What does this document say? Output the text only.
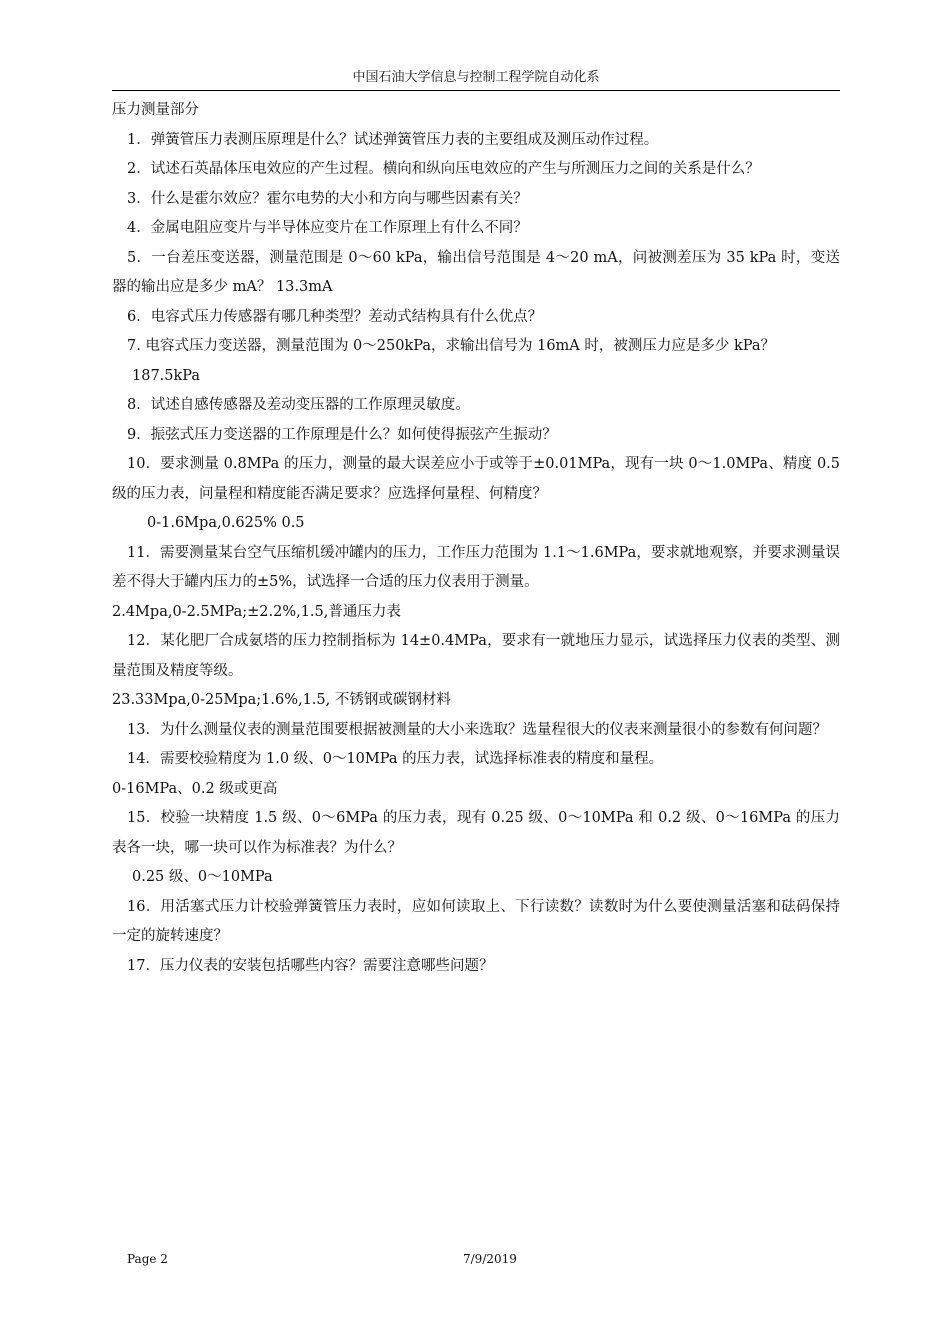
中国石油大学信息与控制工程学院自动化系
压力测量部分

1．弹簧管压力表测压原理是什么？试述弹簧管压力表的主要组成及测压动作过程。

2．试述石英晶体压电效应的产生过程。横向和纵向压电效应的产生与所测压力之间的关系是什么？

3．什么是霍尔效应？霍尔电势的大小和方向与哪些因素有关？

4．金属电阻应变片与半导体应变片在工作原理上有什么不同？

5．一台差压变送器，测量范围是 0～60 kPa，输出信号范围是 4～20 mA，问被测差压为 35 kPa 时，变送器的输出应是多少 mA？ 13.3mA

6．电容式压力传感器有哪几种类型？差动式结构具有什么优点？

7. 电容式压力变送器，测量范围为 0～250kPa，求输出信号为 16mA 时，被测压力应是多少 kPa？

187.5kPa

8．试述自感传感器及差动变压器的工作原理灵敏度。

9．振弦式压力变送器的工作原理是什么？如何使得振弦产生振动？

10．要求测量 0.8MPa 的压力，测量的最大误差应小于或等于±0.01MPa，现有一块 0～1.0MPa、精度 0.5 级的压力表，问量程和精度能否满足要求？应选择何量程、何精度？

0-1.6Mpa,0.625% 0.5

11．需要测量某台空气压缩机缓冲罐内的压力，工作压力范围为 1.1～1.6MPa，要求就地观察，并要求测量误差不得大于罐内压力的±5%，试选择一合适的压力仪表用于测量。

2.4Mpa,0-2.5MPa;±2.2%,1.5,普通压力表

12．某化肥厂合成氨塔的压力控制指标为 14±0.4MPa，要求有一就地压力显示，试选择压力仪表的类型、测量范围及精度等级。

23.33Mpa,0-25Mpa;1.6%,1.5, 不锈钢或碳钢材料

13．为什么测量仪表的测量范围要根据被测量的大小来选取？选量程很大的仪表来测量很小的参数有何问题？

14．需要校验精度为 1.0 级、0～10MPa 的压力表，试选择标准表的精度和量程。

0-16MPa、0.2 级或更高

15．校验一块精度 1.5 级、0～6MPa 的压力表，现有 0.25 级、0～10MPa 和 0.2 级、0～16MPa 的压力表各一块，哪一块可以作为标准表？为什么？

0.25 级、0～10MPa

16．用活塞式压力计校验弹簧管压力表时，应如何读取上、下行读数？读数时为什么要使测量活塞和砝码保持一定的旋转速度？

17．压力仪表的安装包括哪些内容？需要注意哪些问题？

Page 2	7/9/2019
